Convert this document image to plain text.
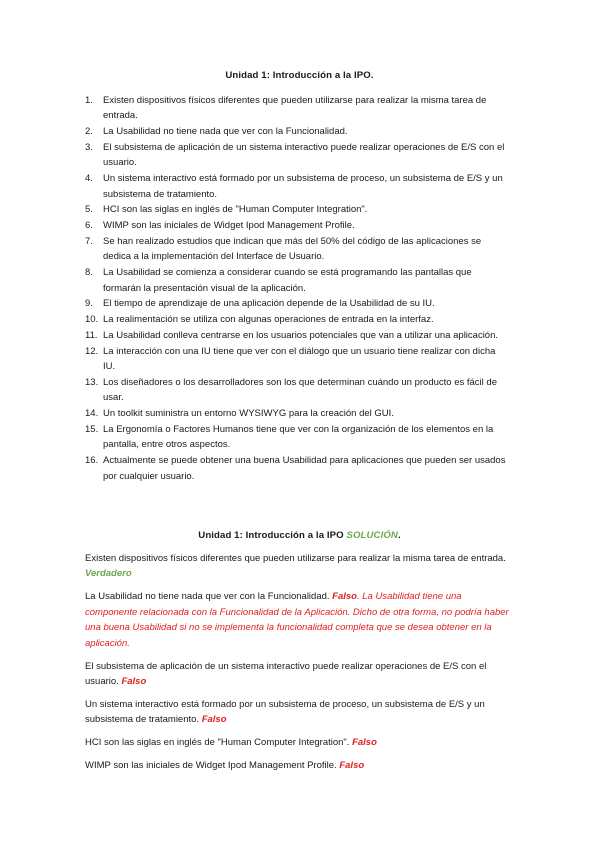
Unidad 1: Introducción a la IPO.
1. Existen dispositivos físicos diferentes que pueden utilizarse para realizar la misma tarea de entrada.
2. La Usabilidad no tiene nada que ver con la Funcionalidad.
3. El subsistema de aplicación de un sistema interactivo puede realizar operaciones de E/S con el usuario.
4. Un sistema interactivo está formado por un subsistema de proceso, un subsistema de E/S y un subsistema de tratamiento.
5. HCI son las siglas en inglés de "Human Computer Integration".
6. WIMP son las iniciales de Widget Ipod Management Profile.
7. Se han realizado estudios que indican que más del 50% del código de las aplicaciones se dedica a la implementación del Interface de Usuario.
8. La Usabilidad se comienza a considerar cuando se está programando las pantallas que formarán la presentación visual de la aplicación.
9. El tiempo de aprendizaje de una aplicación depende de la Usabilidad de su IU.
10. La realimentación se utiliza con algunas operaciones de entrada en la interfaz.
11. La Usabilidad conlleva centrarse en los usuarios potenciales que van a utilizar una aplicación.
12. La interacción con una IU tiene que ver con el diálogo que un usuario tiene realizar con dicha IU.
13. Los diseñadores o los desarrolladores son los que determinan cuándo un producto es fácil de usar.
14. Un toolkit suministra un entorno WYSIWYG para la creación del GUI.
15. La Ergonomía o Factores Humanos tiene que ver con la organización de los elementos en la pantalla, entre otros aspectos.
16. Actualmente se puede obtener una buena Usabilidad para aplicaciones que pueden ser usados por cualquier usuario.
Unidad 1: Introducción a la IPO SOLUCIÓN.

Existen dispositivos físicos diferentes que pueden utilizarse para realizar la misma tarea de entrada. Verdadero

La Usabilidad no tiene nada que ver con la Funcionalidad. Falso. La Usabilidad tiene una componente relacionada con la Funcionalidad de la Aplicación. Dicho de otra forma, no podría haber una buena Usabilidad si no se implementa la funcionalidad completa que se desea obtener en la aplicación.

El subsistema de aplicación de un sistema interactivo puede realizar operaciones de E/S con el usuario. Falso

Un sistema interactivo está formado por un subsistema de proceso, un subsistema de E/S y un subsistema de tratamiento. Falso

HCI son las siglas en inglés de "Human Computer Integration". Falso

WIMP son las iniciales de Widget Ipod Management Profile. Falso
